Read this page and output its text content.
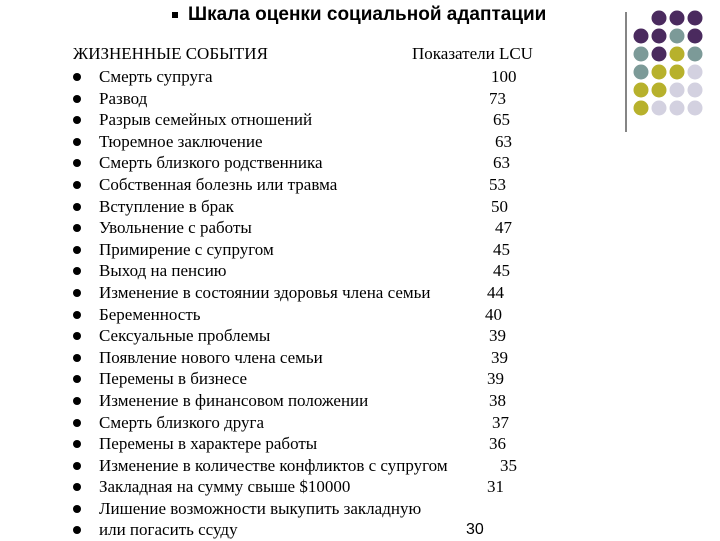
Шкала оценки социальной адаптации
ЖИЗНЕННЫЕ СОБЫТИЯ	Показатели LCU
Смерть супруга	100
Развод	73
Разрыв семейных отношений	65
Тюремное заключение	63
Смерть близкого родственника	63
Собственная болезнь или травма	53
Вступление в брак	50
Увольнение с работы	47
Примирение с супругом	45
Выход на пенсию	45
Изменение в состоянии здоровья члена семьи	44
Беременность	40
Сексуальные проблемы	39
Появление нового члена семьи	39
Перемены в бизнесе	39
Изменение в финансовом положении	38
Смерть близкого друга	37
Перемены в характере работы	36
Изменение в количестве конфликтов с супругом	35
Закладная на сумму свыше $10000	31
Лишение возможности выкупить закладную
или погасить ссуду	30
